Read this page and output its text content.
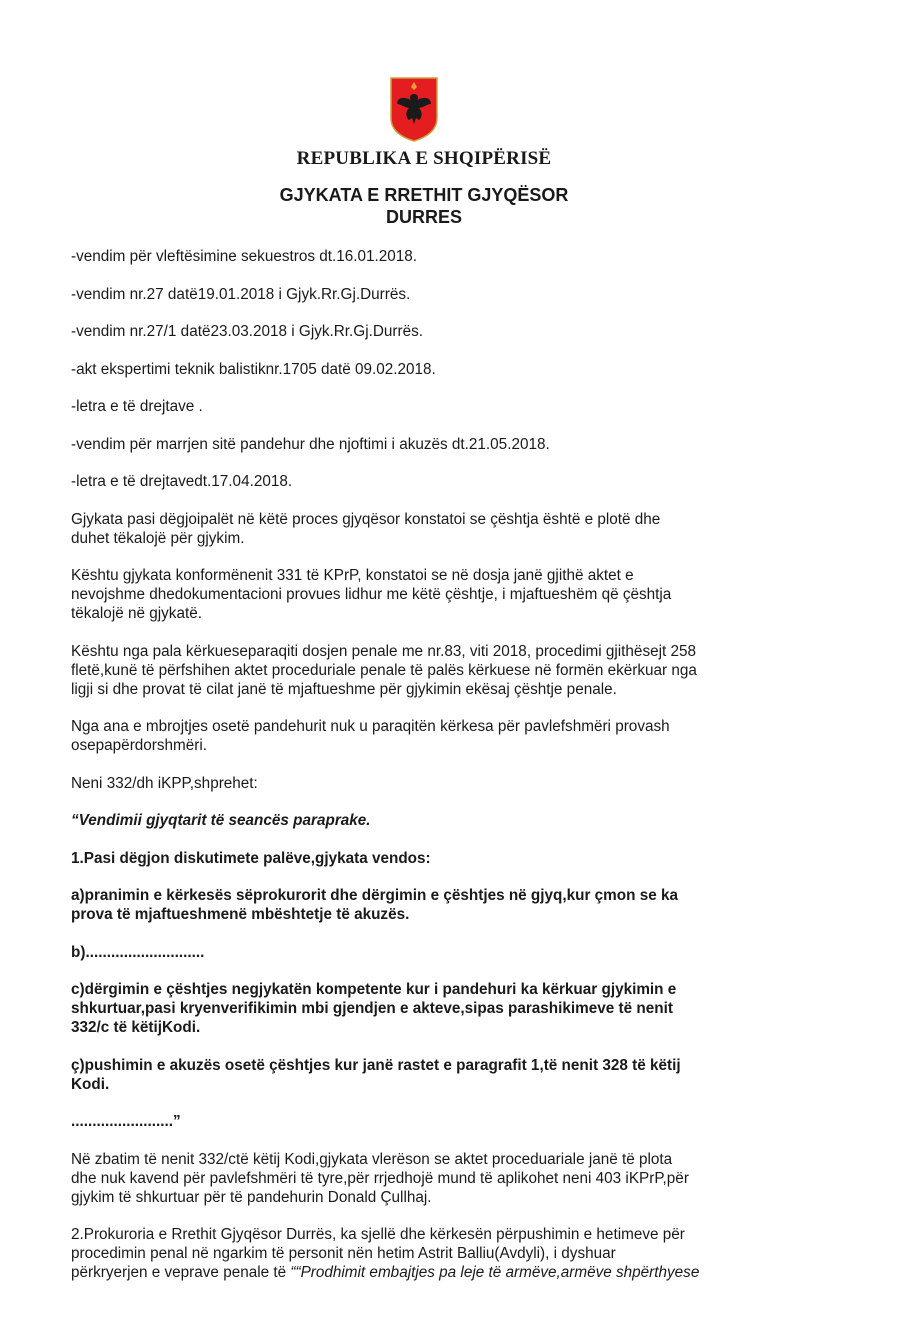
REPUBLIKA E SHQIPËRISË
GJYKATA E RRETHIT GJYQËSOR
DURRES
-vendim për vleftësimine sekuestros dt.16.01.2018.
-vendim nr.27 datë19.01.2018 i Gjyk.Rr.Gj.Durrës.
-vendim nr.27/1 datë23.03.2018 i Gjyk.Rr.Gj.Durrës.
-akt ekspertimi teknik balistiknr.1705 datë 09.02.2018.
-letra e të drejtave .
-vendim për marrjen sitë pandehur dhe njoftimi i akuzës dt.21.05.2018.
-letra e të drejtavedt.17.04.2018.
Gjykata pasi dëgjoipalët në këtë proces gjyqësor konstatoi se çështja është e plotë dhe
duhet tëkalojë për gjykim.
Kështu gjykata konformënenit 331 të KPrP, konstatoi se në dosja janë gjithë aktet e
nevojshme dhedokumentacioni provues lidhur me këtë çështje, i mjaftueshëm që çështja
tëkalojë në gjykatë.
Kështu nga pala kërkueseparaqiti dosjen penale me nr.83, viti 2018, procedimi gjithësejt 258
fletë,kunë të përfshihen aktet proceduriale penale të palës kërkuese në formën ekërkuar nga
ligji si dhe provat të cilat janë të mjaftueshme për gjykimin ekësaj çështje penale.
Nga ana e mbrojtjes osetë pandehurit nuk u paraqitën kërkesa për pavlefshmëri provash
osepapërdorshmëri.
Neni 332/dh iKPP,shprehet:
“Vendimii gjyqtarit të seancës paraprake.
1.Pasi dëgjon diskutimete palëve,gjykata vendos:
a)pranimin e kërkesës sëprokurorit dhe dërgimin e çështjes në gjyq,kur çmon se ka
prova të mjaftueshmenë mbështetje të akuzës.
b)............................
c)dërgimin e çështjes negjykatën kompetente kur i pandehuri ka kërkuar gjykimin e
shkurtuar,pasi kryenverifikimin mbi gjendjen e akteve,sipas parashikimeve të nenit
332/c të këtijKodi.
ç)pushimin e akuzës osetë çështjes kur janë rastet e paragrafit 1,të nenit 328 të këtij
Kodi.
........................”
Në zbatim të nenit 332/ctë këtij Kodi,gjykata vlerëson se aktet proceduariale janë të plota
dhe nuk kavend për pavlefshmëri të tyre,për rrjedhojë mund të aplikohet neni 403 iKPrP,për
gjykim të shkurtuar për të pandehurin Donald Çullhaj.
2.Prokuroria e Rrethit Gjyqësor Durrës, ka sjellë dhe kërkesën përpushimin e hetimeve për
procedimin penal në ngarkim të personit nën hetim Astrit Balliu(Avdyli), i dyshuar
përkryerjen e veprave penale të ““Prodhimit embajtjes pa leje të armëve,armëve shpërthyese
